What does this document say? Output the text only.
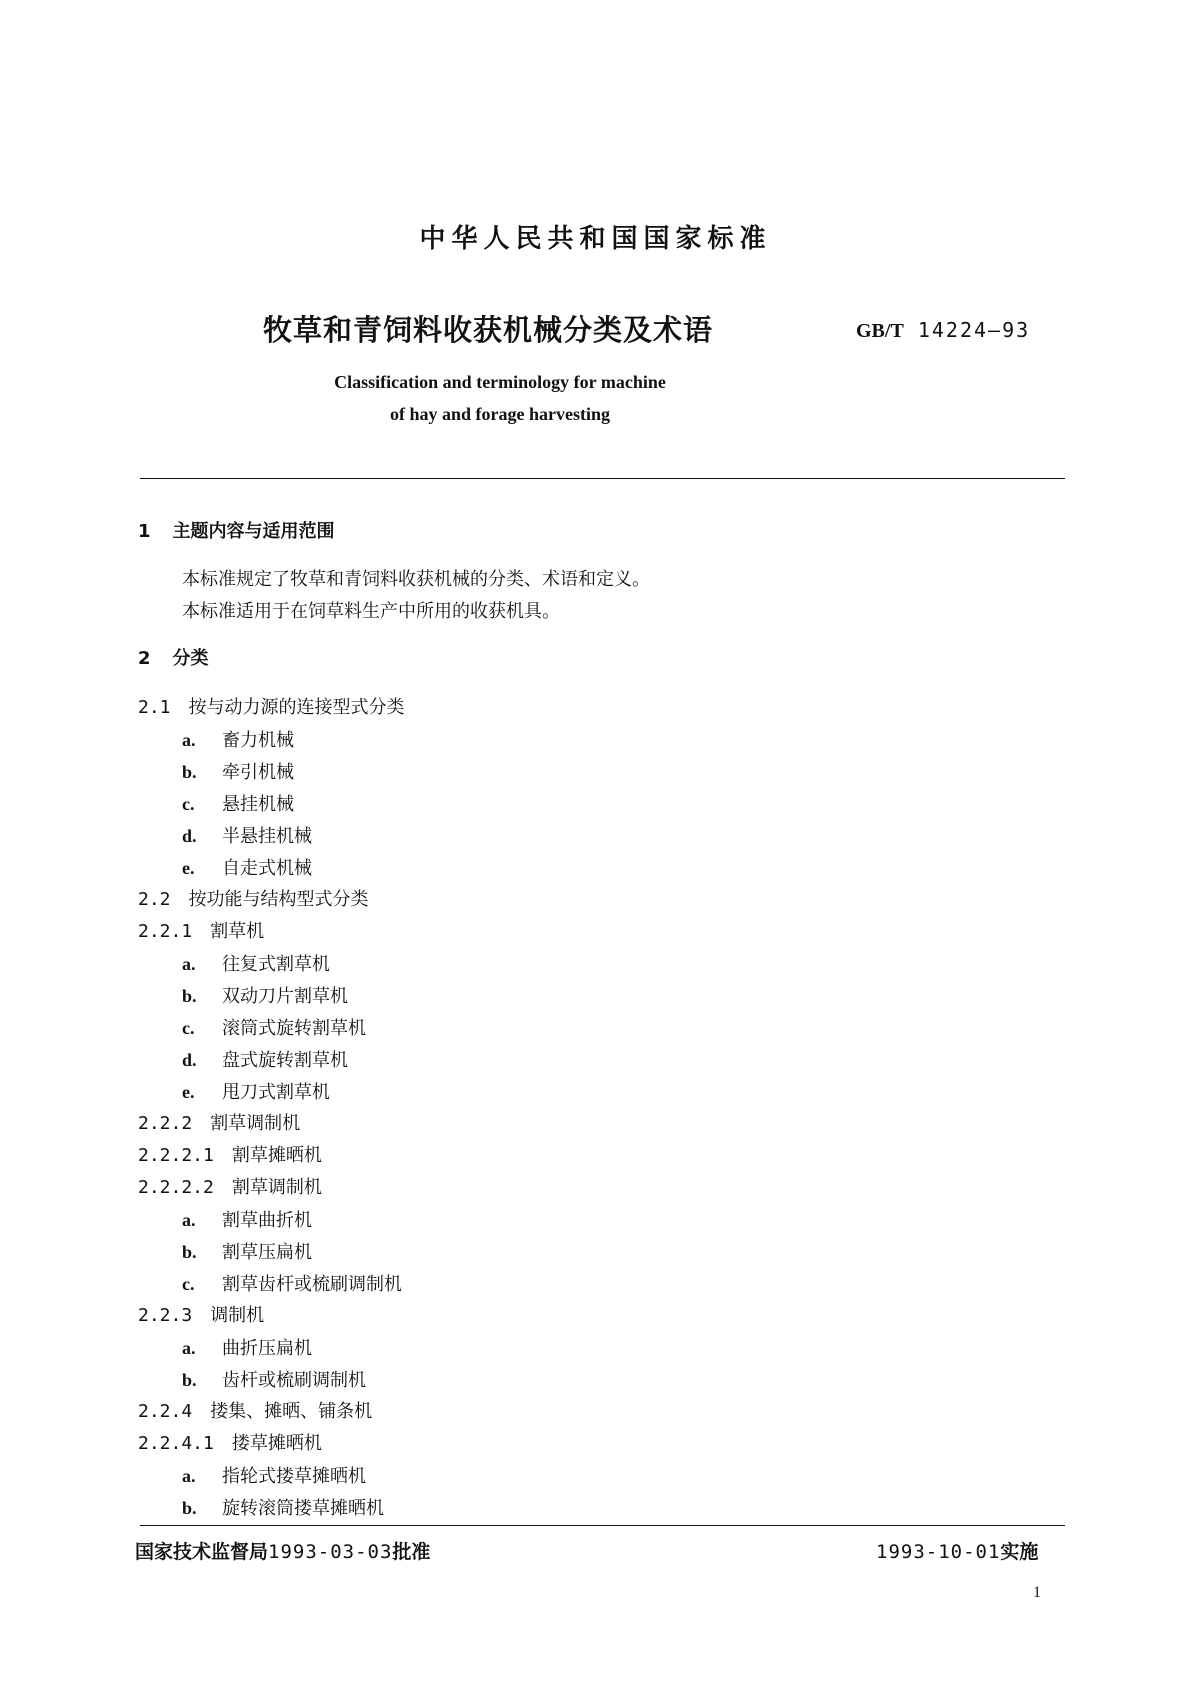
中华人民共和国国家标准
牧草和青饲料收获机械分类及术语	GB/T 14224—93
Classification and terminology for machine
of hay and forage harvesting
1 主题内容与适用范围
本标准规定了牧草和青饲料收获机械的分类、术语和定义。
本标准适用于在饲草料生产中所用的收获机具。
2 分类
2.1 按与动力源的连接型式分类
a. 畜力机械
b. 牵引机械
c. 悬挂机械
d. 半悬挂机械
e. 自走式机械
2.2 按功能与结构型式分类
2.2.1 割草机
a. 往复式割草机
b. 双动刀片割草机
c. 滚筒式旋转割草机
d. 盘式旋转割草机
e. 甩刀式割草机
2.2.2 割草调制机
2.2.2.1 割草摊晒机
2.2.2.2 割草调制机
a. 割草曲折机
b. 割草压扁机
c. 割草齿杆或梳刷调制机
2.2.3 调制机
a. 曲折压扁机
b. 齿杆或梳刷调制机
2.2.4 搂集、摊晒、铺条机
2.2.4.1 搂草摊晒机
a. 指轮式搂草摊晒机
b. 旋转滚筒搂草摊晒机
国家技术监督局1993-03-03批准	1993-10-01实施
1
